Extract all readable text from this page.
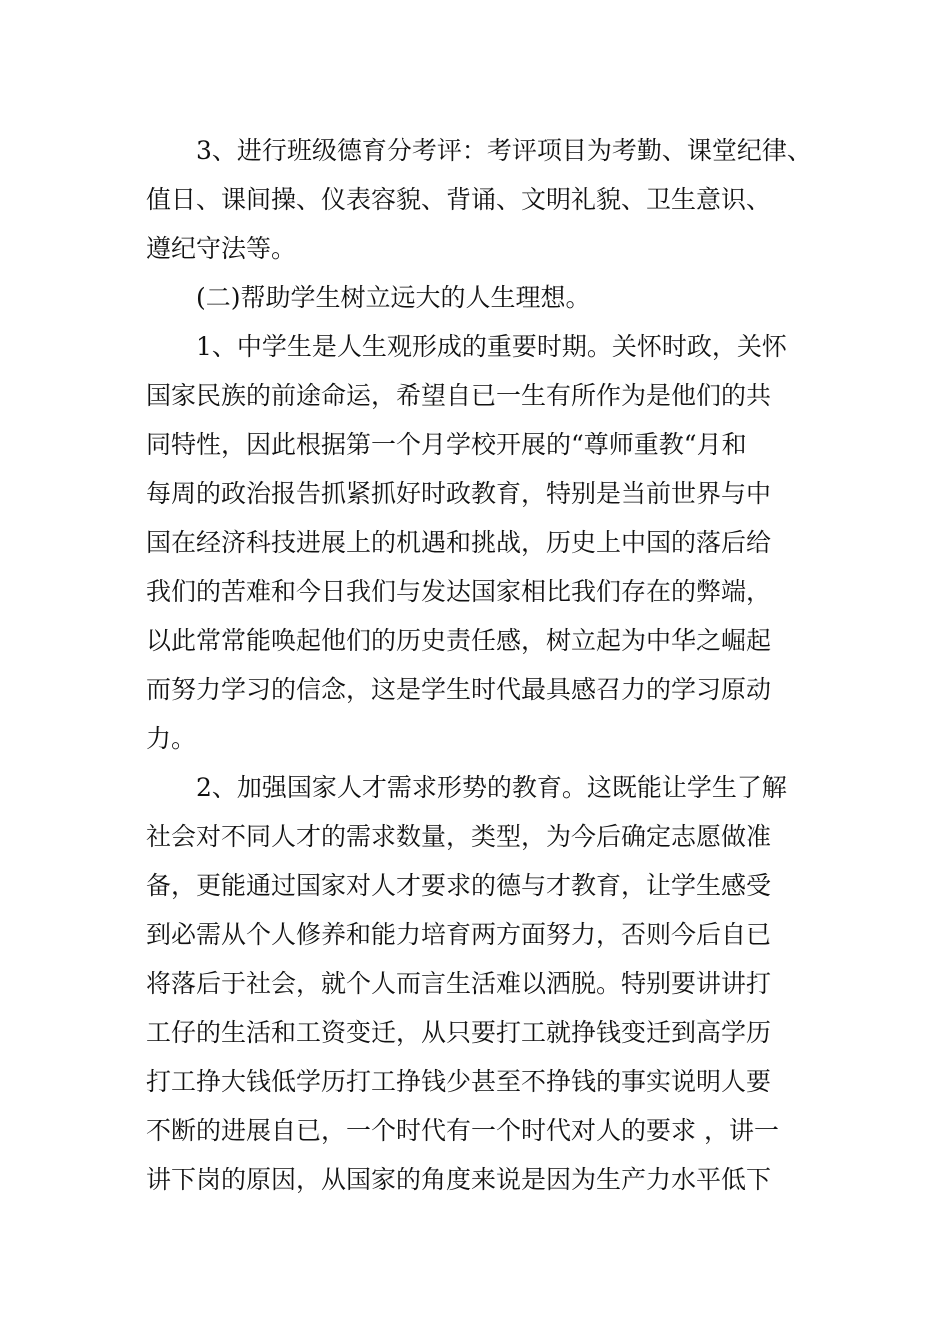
3、进行班级德育分考评：考评项目为考勤、课堂纪律、
值日、课间操、仪表容貌、背诵、文明礼貌、卫生意识、
遵纪守法等。
(二)帮助学生树立远大的人生理想。
1、中学生是人生观形成的重要时期。关怀时政，关怀
国家民族的前途命运，希望自已一生有所作为是他们的共
同特性，因此根据第一个月学校开展的“尊师重教“月和
每周的政治报告抓紧抓好时政教育，特别是当前世界与中
国在经济科技进展上的机遇和挑战，历史上中国的落后给
我们的苦难和今日我们与发达国家相比我们存在的弊端，
以此常常能唤起他们的历史责任感，树立起为中华之崛起
而努力学习的信念，这是学生时代最具感召力的学习原动
力。
2、加强国家人才需求形势的教育。这既能让学生了解
社会对不同人才的需求数量，类型，为今后确定志愿做准
备，更能通过国家对人才要求的德与才教育，让学生感受
到必需从个人修养和能力培育两方面努力，否则今后自已
将落后于社会，就个人而言生活难以洒脱。特别要讲讲打
工仔的生活和工资变迁，从只要打工就挣钱变迁到高学历
打工挣大钱低学历打工挣钱少甚至不挣钱的事实说明人要
不断的进展自已，一个时代有一个时代对人的要求 ，讲一
讲下岗的原因，从国家的角度来说是因为生产力水平低下
